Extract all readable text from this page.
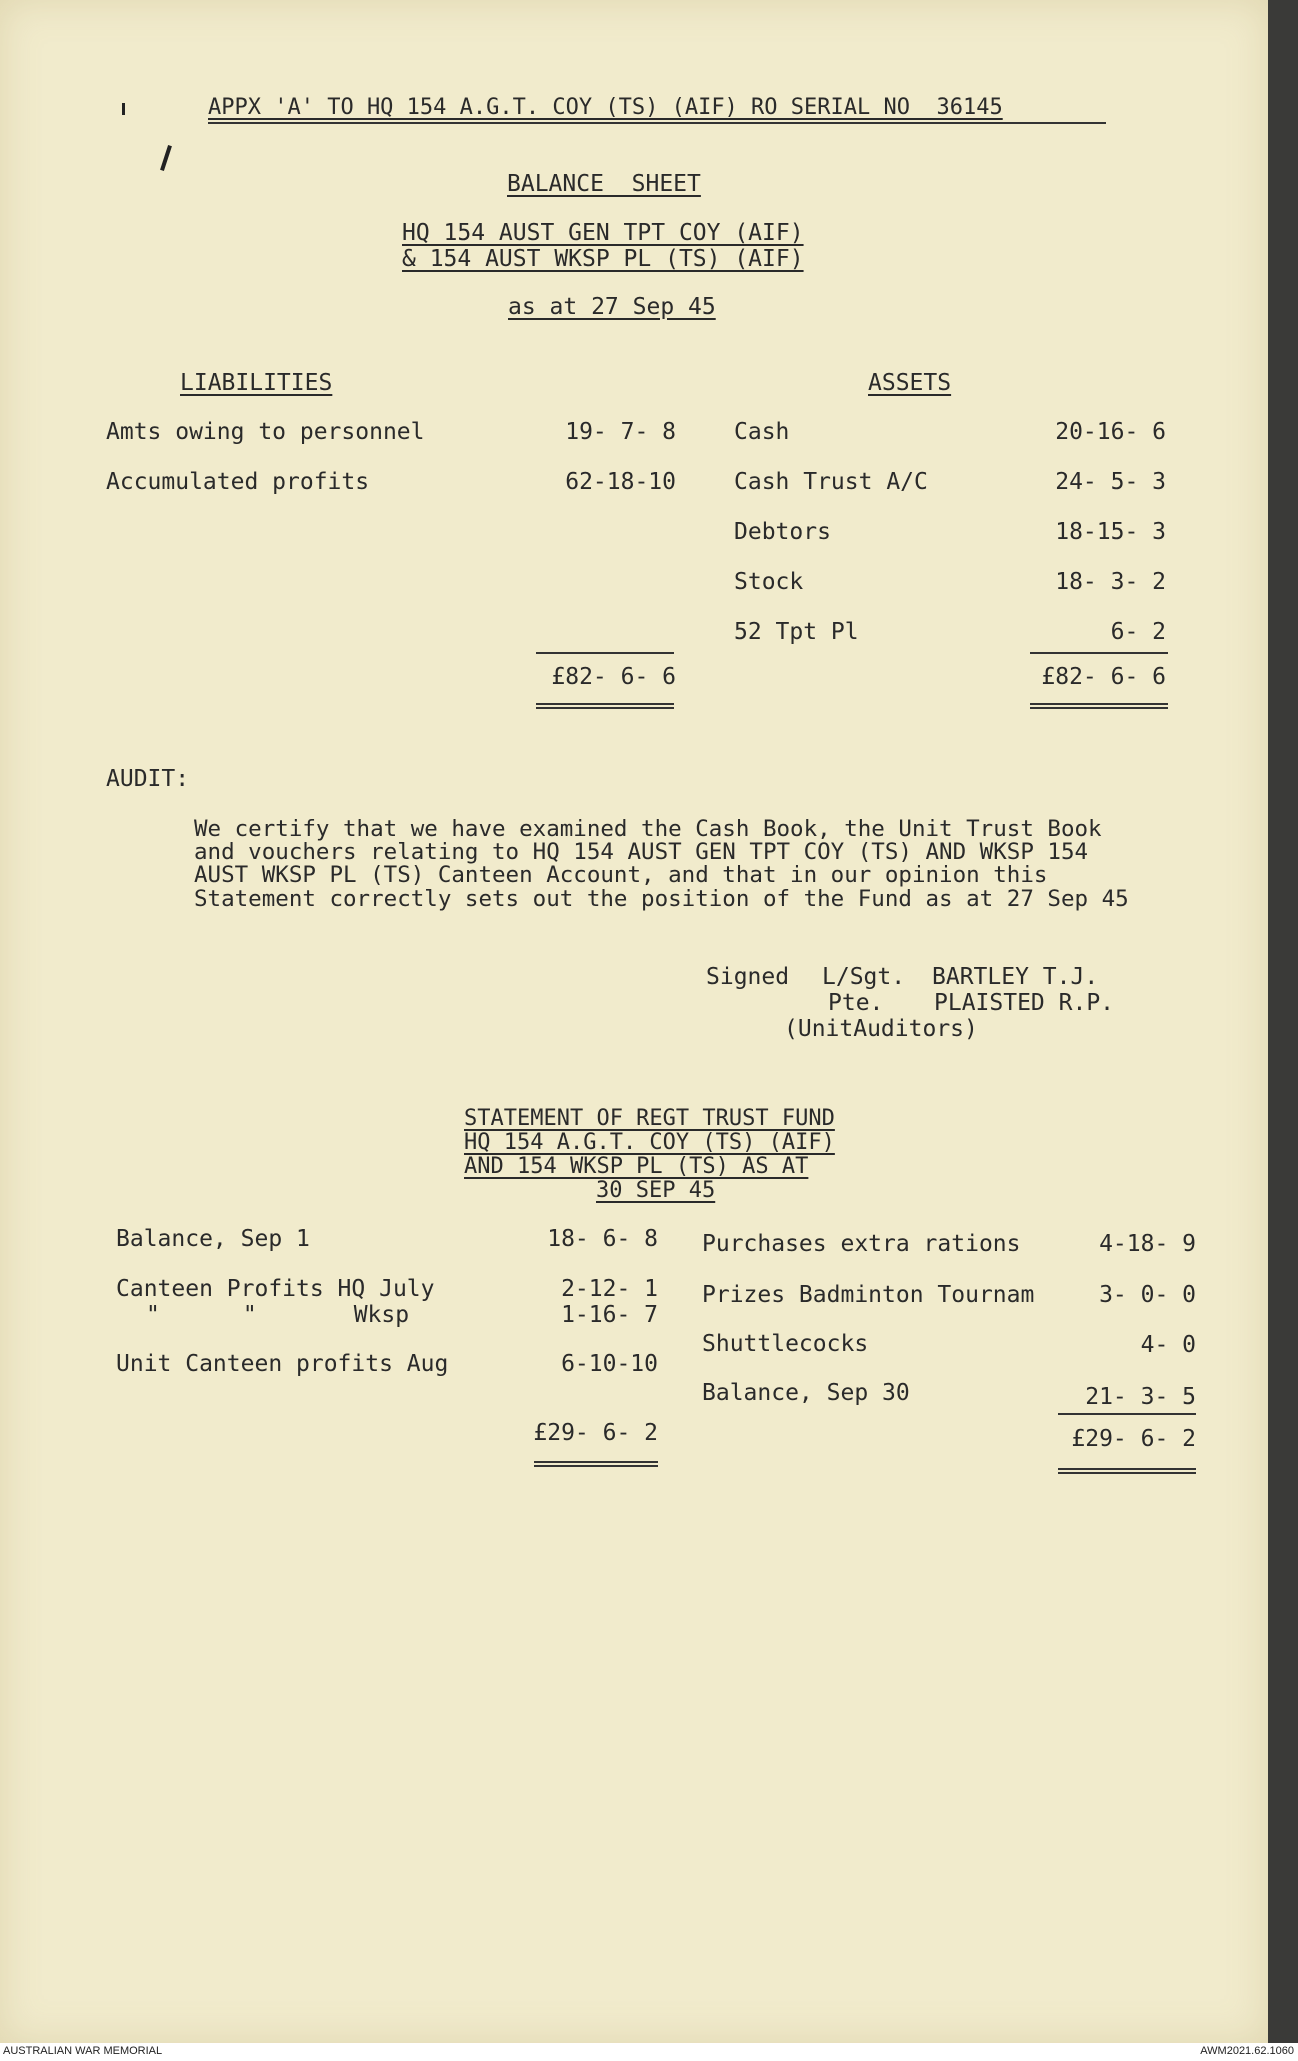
APPX 'A' TO HQ 154 A.G.T. COY (TS) (AIF) RO SERIAL NO  36145
BALANCE  SHEET
HQ 154 AUST GEN TPT COY (AIF)
& 154 AUST WKSP PL (TS) (AIF)
as at 27 Sep 45
LIABILITIES	ASSETS
Amts owing to personnel	19- 7- 8
Accumulated profits	62-18-10
Cash	20-16- 6
Cash Trust A/C	24- 5- 3
Debtors	18-15- 3
Stock	18- 3- 2
52 Tpt Pl	6- 2
£82- 6- 6	£82- 6- 6
AUDIT:
We certify that we have examined the Cash Book, the Unit Trust Book
and vouchers relating to HQ 154 AUST GEN TPT COY (TS) AND WKSP 154
AUST WKSP PL (TS) Canteen Account, and that in our opinion this
Statement correctly sets out the position of the Fund as at 27 Sep 45
Signed L/Sgt. BARTLEY T.J.
Pte. PLAISTED R.P.
(UnitAuditors)
STATEMENT OF REGT TRUST FUND
HQ 154 A.G.T. COY (TS) (AIF)
AND 154 WKSP PL (TS) AS AT
30 SEP 45
Balance, Sep 1	18- 6- 8
Canteen Profits HQ July	2-12- 1
"      "       Wksp	1-16- 7
Unit Canteen profits Aug	6-10-10
£29- 6- 2
Purchases extra rations	4-18- 9
Prizes Badminton Tournam	3- 0- 0
Shuttlecocks	4- 0
Balance, Sep 30	21- 3- 5
£29- 6- 2
AUSTRALIAN WAR MEMORIAL	AWM2021.62.1060
